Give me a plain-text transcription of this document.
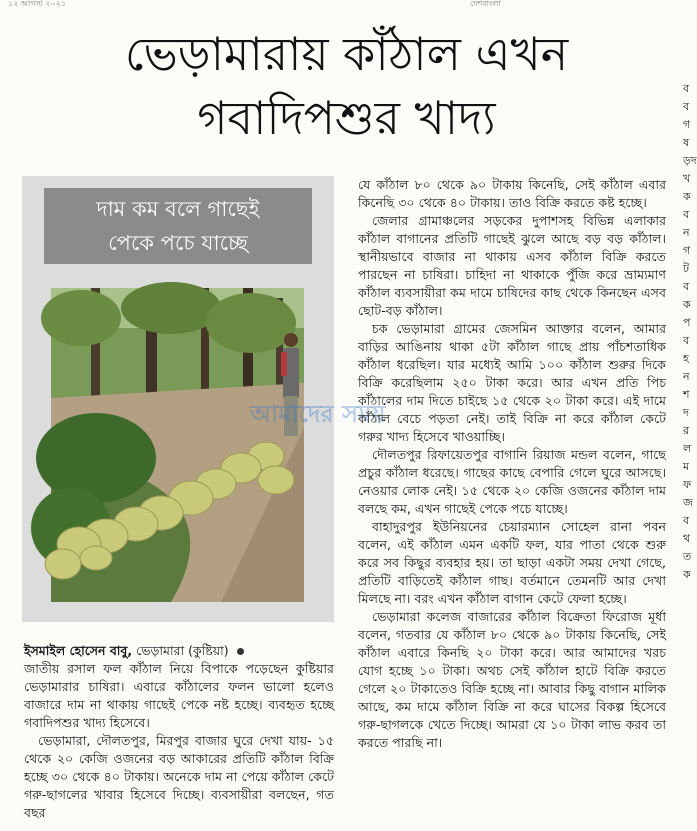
১২ আগস্ট ২০২১	দেশবাংলা
ভেড়ামারায় কাঁঠাল এখন
গবাদিপশুর খাদ্য
ববগষড়দখকবনগটবকপবহনশদরলমফজবথতক
দাম কম বলে গাছেই
পেকে পচে যাচ্ছে
আমাদের সময়
ইসমাইল হোসেন বাবু, ভেড়ামারা (কুষ্টিয়া)

জাতীয় রসাল ফল কাঁঠাল নিয়ে বিপাকে পড়েছেন কুষ্টিয়ার ভেড়ামারার চাষিরা। এবারে কাঁঠালের ফলন ভালো হলেও বাজারে দাম না থাকায় গাছেই পেকে নষ্ট হচ্ছে। ব্যবহৃত হচ্ছে গবাদিপশুর খাদ্য হিসেবে।

ভেড়ামারা, দৌলতপুর, মিরপুর বাজার ঘুরে দেখা যায়- ১৫ থেকে ২০ কেজি ওজনের বড় আকারের প্রতিটি কাঁঠাল বিক্রি হচ্ছে ৩০ থেকে ৪০ টাকায়। অনেকে দাম না পেয়ে কাঁঠাল কেটে গরু-ছাগলের খাবার হিসেবে দিচ্ছে। ব্যবসায়ীরা বলছেন, গত বছর

যে কাঁঠাল ৮০ থেকে ৯০ টাকায় কিনেছি, সেই কাঁঠাল এবার কিনেছি ৩০ থেকে ৪০ টাকায়। তাও বিক্রি করতে কষ্ট হচ্ছে।

জেলার গ্রামাঞ্চলের সড়কের দুপাশসহ বিভিন্ন এলাকার কাঁঠাল বাগানের প্রতিটি গাছেই ঝুলে আছে বড় বড় কাঁঠাল। স্থানীয়ভাবে বাজার না থাকায় এসব কাঁঠাল বিক্রি করতে পারছেন না চাষিরা। চাহিদা না থাকাকে পুঁজি করে ভ্রাম্যমাণ কাঁঠাল ব্যবসায়ীরা কম দামে চাষিদের কাছ থেকে কিনছেন এসব ছোট-বড় কাঁঠাল।

চক ভেড়ামারা গ্রামের জেসমিন আক্তার বলেন, আমার বাড়ির আঙিনায় থাকা ৫টা কাঁঠাল গাছে প্রায় পাঁচশতাধিক কাঁঠাল ধরেছিল। যার মধ্যেই আমি ১০০ কাঁঠাল শুরুর দিকে বিক্রি করেছিলাম ২৫০ টাকা করে। আর এখন প্রতি পিচ কাঁঠালের দাম দিতে চাইছে ১৫ থেকে ২০ টাকা করে। এই দামে কাঁঠাল বেচে পড়তা নেই। তাই বিক্রি না করে কাঁঠাল কেটে গরুর খাদ্য হিসেবে খাওয়াচ্ছি।

দৌলতপুর রিফায়েতপুর বাগানি রিয়াজ মন্ডল বলেন, গাছে প্রচুর কাঁঠাল ধরেছে। গাছের কাছে বেপারি গেলে ঘুরে আসছে। নেওয়ার লোক নেই। ১৫ থেকে ২০ কেজি ওজনের কাঁঠাল দাম বলছে কম, এখন গাছেই পেকে পচে যাচ্ছে।

বাহাদুরপুর ইউনিয়নের চেয়ারম্যান সোহেল রানা পবন বলেন, এই কাঁঠাল এমন একটি ফল, যার পাতা থেকে শুরু করে সব কিছুর ব্যবহার হয়। তা ছাড়া একটা সময় দেখা গেছে, প্রতিটি বাড়িতেই কাঁঠাল গাছ। বর্তমানে তেমনটি আর দেখা মিলছে না। বরং এখন কাঁঠাল বাগান কেটে ফেলা হচ্ছে।

ভেড়ামারা কলেজ বাজারের কাঁঠাল বিক্রেতা ফিরোজ মূর্ধা বলেন, গতবার যে কাঁঠাল ৮০ থেকে ৯০ টাকায় কিনেছি, সেই কাঁঠাল এবারে কিনছি ২০ টাকা করে। আর আমাদের খরচ যোগ হচ্ছে ১০ টাকা। অথচ সেই কাঁঠাল হাটে বিক্রি করতে গেলে ২০ টাকাতেও বিক্রি হচ্ছে না। আবার কিছু বাগান মালিক আছে, কম দামে কাঁঠাল বিক্রি না করে ঘাসের বিকল্প হিসেবে গরু-ছাগলকে খেতে দিচ্ছে। আমরা যে ১০ টাকা লাভ করব তা করতে পারছি না।
